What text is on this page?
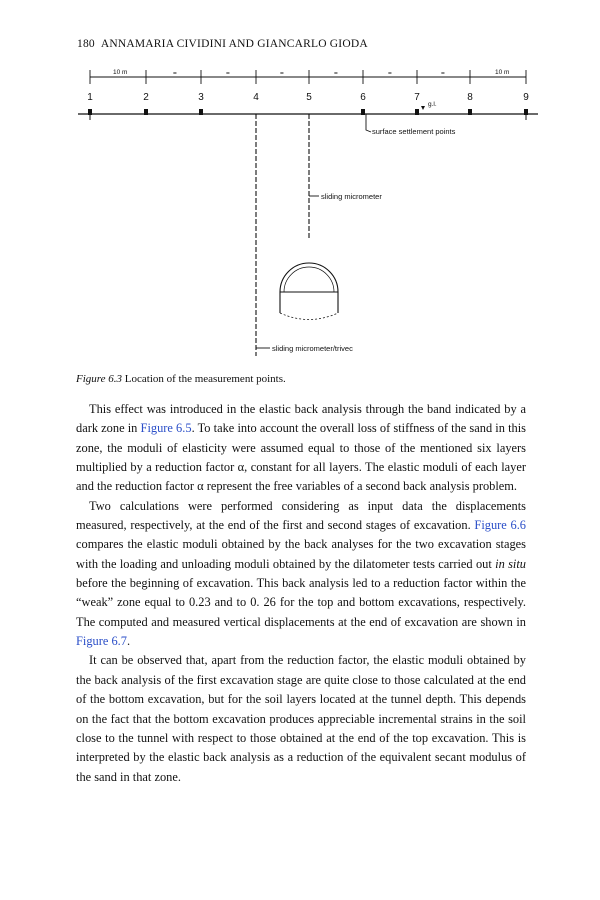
180 ANNAMARIA CIVIDINI AND GIANCARLO GIODA
10 m	10 m
=	=	=	=	=	=
1	2	3	4	5	6	7	8	9
g.l.
surface settlement points
sliding micrometer
sliding micrometer/trivec
Figure 6.3 Location of the measurement points.

This effect was introduced in the elastic back analysis through the band indicated by a dark zone in Figure 6.5. To take into account the overall loss of stiffness of the sand in this zone, the moduli of elasticity were assumed equal to those of the mentioned six layers multiplied by a reduction factor α, constant for all layers. The elastic moduli of each layer and the reduction factor α represent the free variables of a second back analysis problem.

Two calculations were performed considering as input data the displacements measured, respectively, at the end of the first and second stages of excavation. Figure 6.6 compares the elastic moduli obtained by the back analyses for the two excavation stages with the loading and unloading moduli obtained by the dilatometer tests carried out in situ before the beginning of excavation. This back analysis led to a reduction factor within the “weak” zone equal to 0.23 and to 0. 26 for the top and bottom excavations, respectively. The computed and measured vertical displacements at the end of excavation are shown in Figure 6.7.

It can be observed that, apart from the reduction factor, the elastic moduli obtained by the back analysis of the first excavation stage are quite close to those calculated at the end of the bottom excavation, but for the soil layers located at the tunnel depth. This depends on the fact that the bottom excavation produces appreciable incremental strains in the soil close to the tunnel with respect to those obtained at the end of the top excavation. This is interpreted by the elastic back analysis as a reduction of the equivalent secant modulus of the sand in that zone.
